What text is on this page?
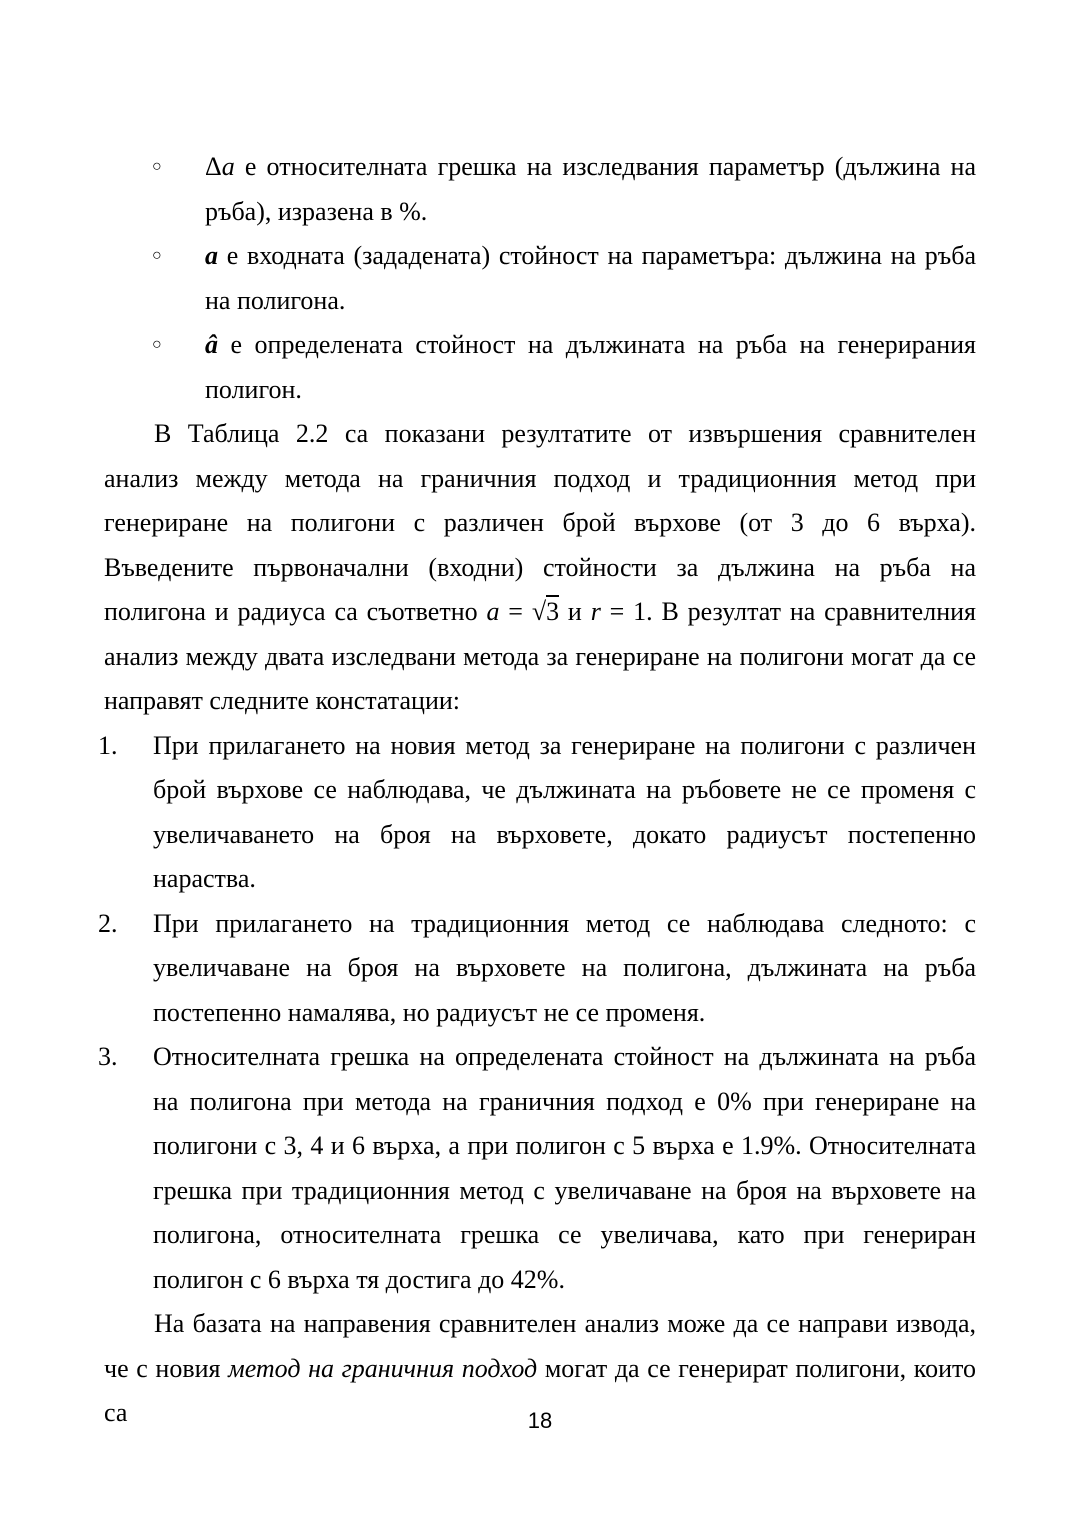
○ Δa е относителната грешка на изследвания параметър (дължина на ръба), изразена в %.
○ a е входната (зададената) стойност на параметъра: дължина на ръба на полигона.
○ â е определената стойност на дължината на ръба на генерирания полигон.

В Таблица 2.2 са показани резултатите от извършения сравнителен анализ между метода на граничния подход и традиционния метод при генериране на полигони с различен брой върхове (от 3 до 6 върха). Въведените първоначални (входни) стойности за дължина на ръба на полигона и радиуса са съответно a = √3 и r = 1. В резултат на сравнителния анализ между двата изследвани метода за генериране на полигони могат да се направят следните констатации:

1. При прилагането на новия метод за генериране на полигони с различен брой върхове се наблюдава, че дължината на ръбовете не се променя с увеличаването на броя на върховете, докато радиусът постепенно нараства.
2. При прилагането на традиционния метод се наблюдава следното: с увеличаване на броя на върховете на полигона, дължината на ръба постепенно намалява, но радиусът не се променя.
3. Относителната грешка на определената стойност на дължината на ръба на полигона при метода на граничния подход е 0% при генериране на полигони с 3, 4 и 6 върха, а при полигон с 5 върха е 1.9%. Относителната грешка при традиционния метод с увеличаване на броя на върховете на полигона, относителната грешка се увеличава, като при генериран полигон с 6 върха тя достига до 42%.

На базата на направения сравнителен анализ може да се направи извода, че с новия метод на граничния подход могат да се генерират полигони, които са	18
